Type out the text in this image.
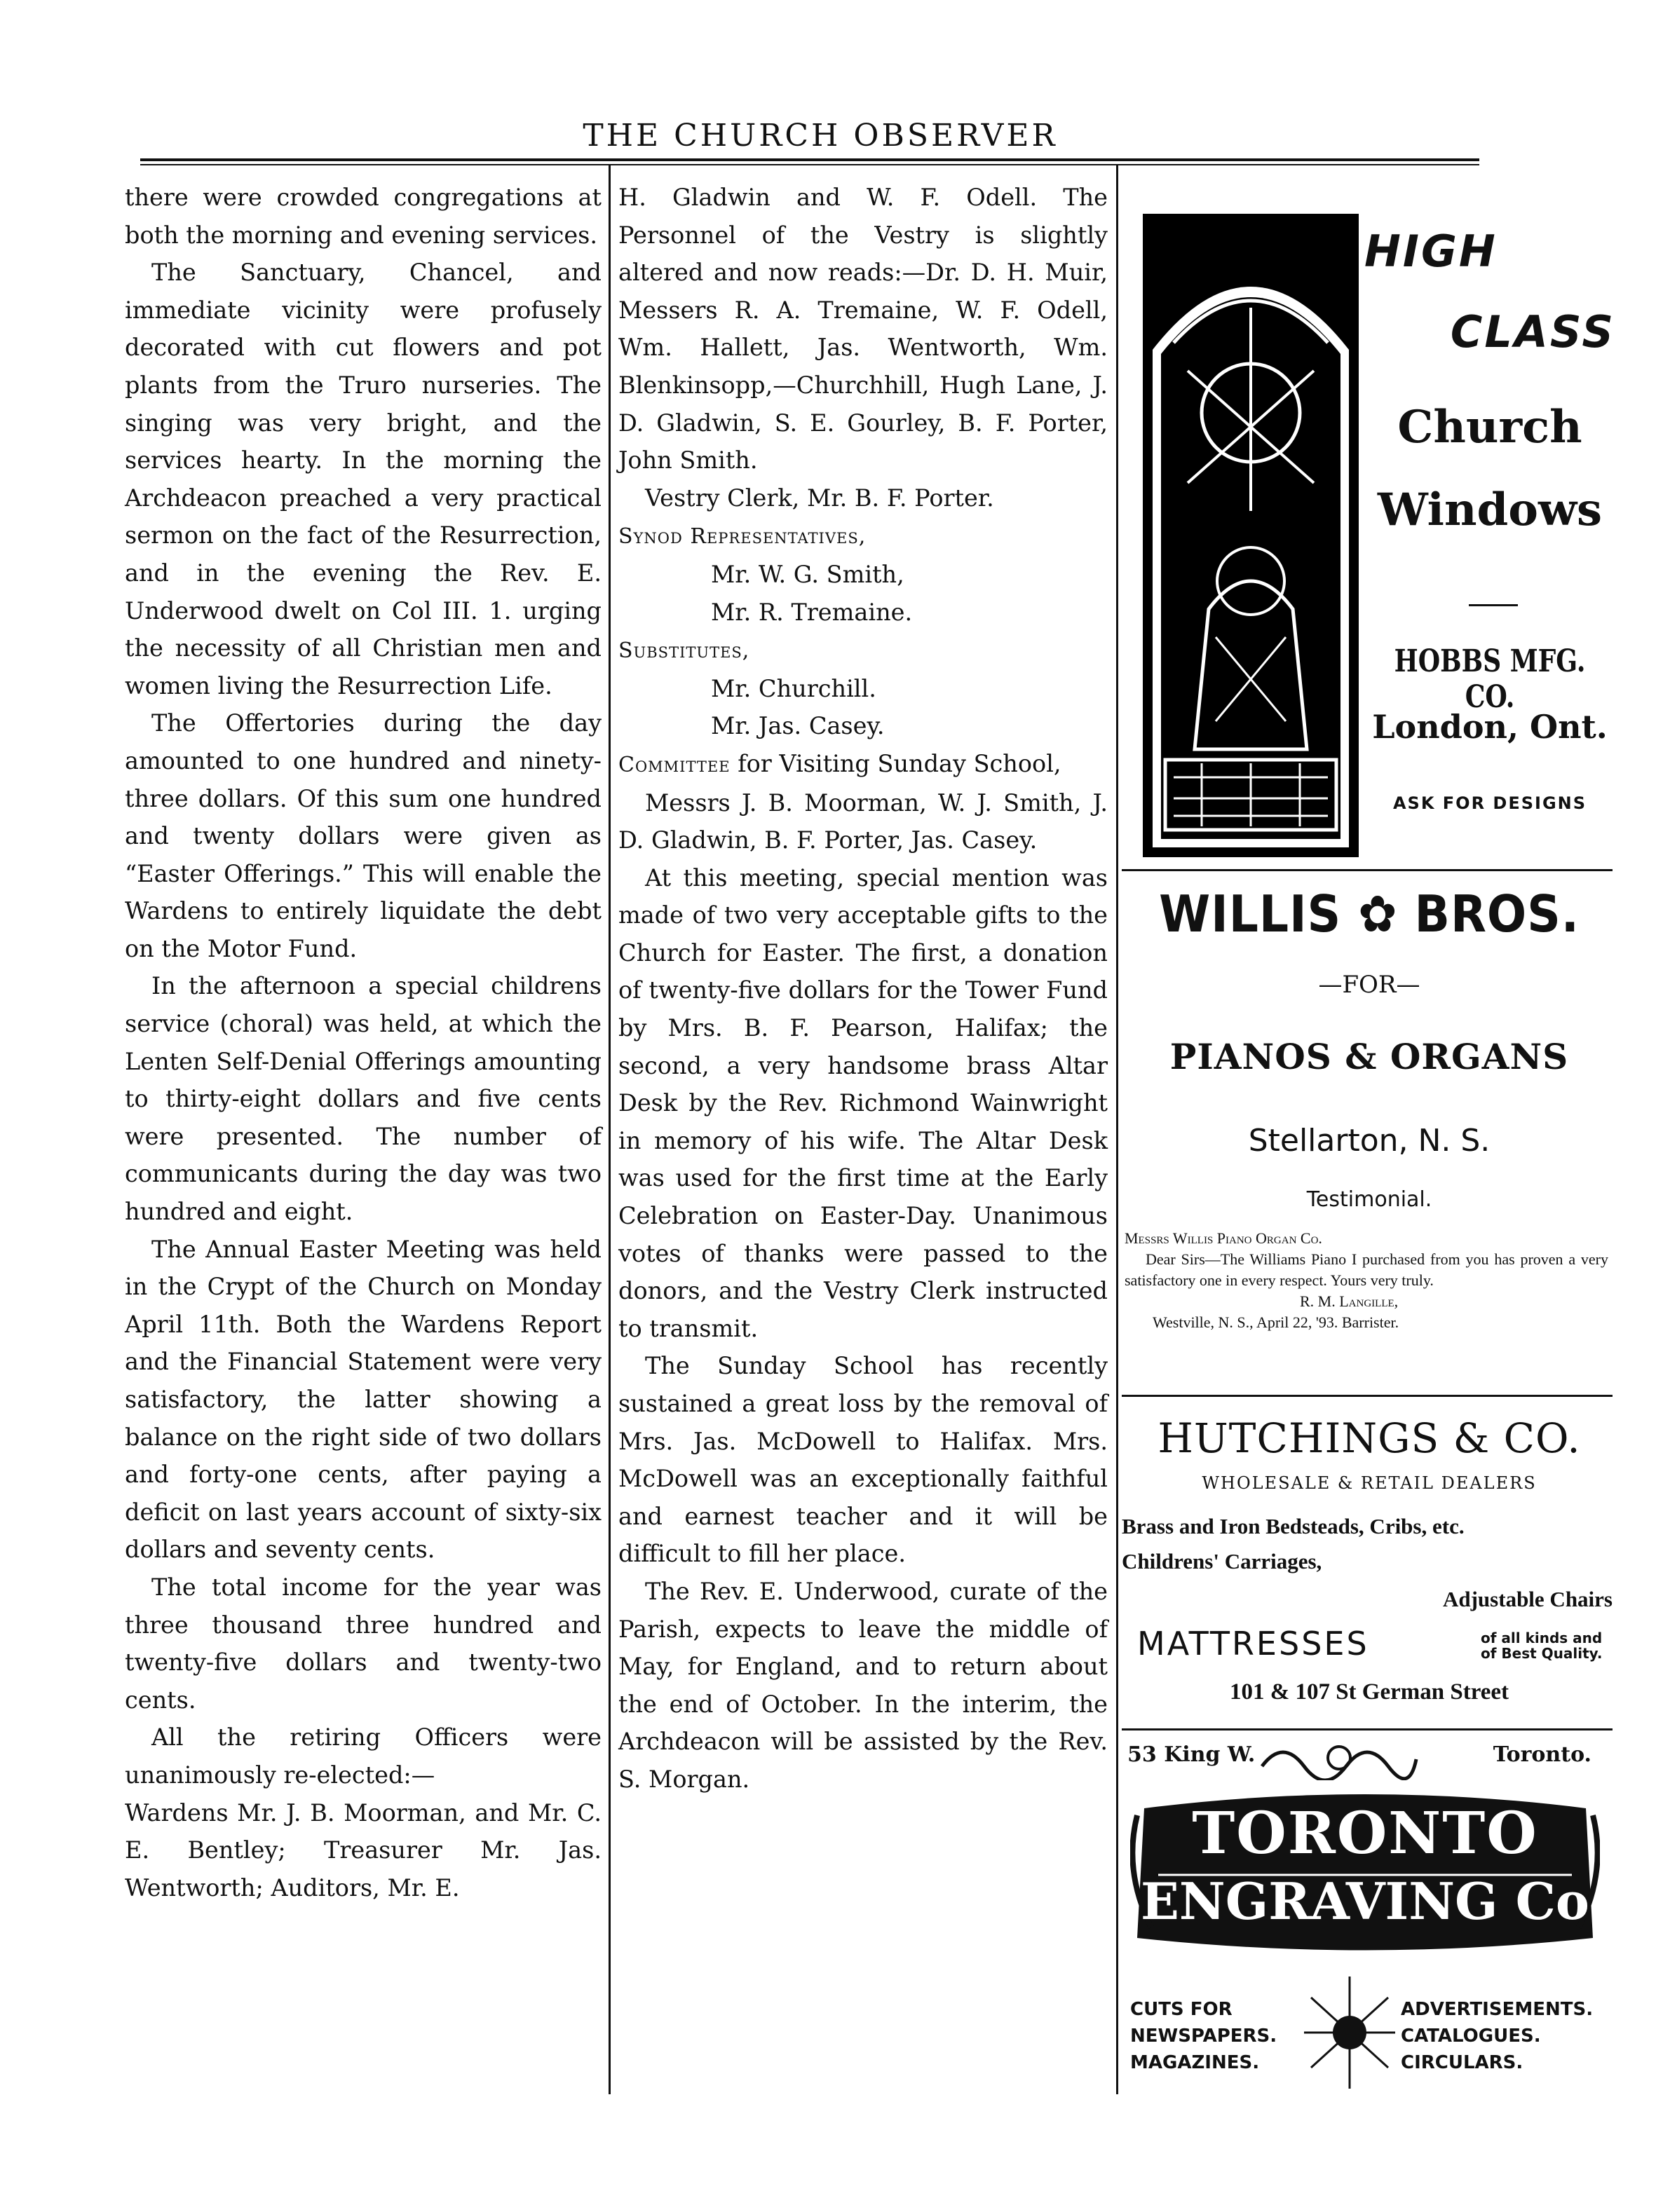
THE CHURCH OBSERVER

there were crowded congregations at both the morning and evening services.

The Sanctuary, Chancel, and immediate vicinity were profusely decorated with cut flowers and pot plants from the Truro nurseries. The singing was very bright, and the services hearty. In the morning the Archdeacon preached a very practical sermon on the fact of the Resurrection, and in the evening the Rev. E. Underwood dwelt on Col III. 1. urging the necessity of all Christian men and women living the Resurrection Life.

The Offertories during the day amounted to one hundred and ninety-three dollars. Of this sum one hundred and twenty dollars were given as “Easter Offerings.” This will enable the Wardens to entirely liquidate the debt on the Motor Fund.

In the afternoon a special childrens service (choral) was held, at which the Lenten Self-Denial Offerings amounting to thirty-eight dollars and five cents were presented. The number of communicants during the day was two hundred and eight.

The Annual Easter Meeting was held in the Crypt of the Church on Monday April 11th. Both the Wardens Report and the Financial Statement were very satisfactory, the latter showing a balance on the right side of two dollars and forty-one cents, after paying a deficit on last years account of sixty-six dollars and seventy cents.

The total income for the year was three thousand three hundred and twenty-five dollars and twenty-two cents.

All the retiring Officers were unanimously re-elected:—

Wardens Mr. J. B. Moorman, and Mr. C. E. Bentley; Treasurer Mr. Jas. Wentworth; Auditors, Mr. E.

H. Gladwin and W. F. Odell. The Personnel of the Vestry is slightly altered and now reads:—Dr. D. H. Muir, Messers R. A. Tremaine, W. F. Odell, Wm. Hallett, Jas. Wentworth, Wm. Blenkinsopp,—Churchhill, Hugh Lane, J. D. Gladwin, S. E. Gourley, B. F. Porter, John Smith.

Vestry Clerk, Mr. B. F. Porter.

Synod Representatives,

Mr. W. G. Smith,

Mr. R. Tremaine.

Substitutes,

Mr. Churchill.

Mr. Jas. Casey.

Committee for Visiting Sunday School,

Messrs J. B. Moorman, W. J. Smith, J. D. Gladwin, B. F. Porter, Jas. Casey.

At this meeting, special mention was made of two very acceptable gifts to the Church for Easter. The first, a donation of twenty-five dollars for the Tower Fund by Mrs. B. F. Pearson, Halifax; the second, a very handsome brass Altar Desk by the Rev. Richmond Wainwright in memory of his wife. The Altar Desk was used for the first time at the Early Celebration on Easter-Day. Unanimous votes of thanks were passed to the donors, and the Vestry Clerk instructed to transmit.

The Sunday School has recently sustained a great loss by the removal of Mrs. Jas. McDowell to Halifax. Mrs. McDowell was an exceptionally faithful and earnest teacher and it will be difficult to fill her place.

The Rev. E. Underwood, curate of the Parish, expects to leave the middle of May, for England, and to return about the end of October. In the interim, the Archdeacon will be assisted by the Rev. S. Morgan.

HIGH
CLASS
Church
Windows
HOBBS MFG. CO.
London, Ont.
ASK FOR DESIGNS
WILLIS ✿ BROS.
—FOR—
PIANOS & ORGANS
Stellarton, N. S.
Testimonial.
Messrs Willis Piano Organ Co.
Dear Sirs—The Williams Piano I purchased from you has proven a very satisfactory one in every respect. Yours very truly.
R. M. Langille,
Westville, N. S., April 22, '93. Barrister.
HUTCHINGS & CO.
WHOLESALE & RETAIL DEALERS
Brass and Iron Bedsteads, Cribs, etc.
Childrens' Carriages,
Adjustable Chairs
MATTRESSES	of all kinds and
of Best Quality.
101 & 107 St German Street
53 King W.	Toronto.
TORONTO
ENGRAVING Co
CUTS FOR
NEWSPAPERS.
MAGAZINES.
ADVERTISEMENTS.
CATALOGUES.
CIRCULARS.
